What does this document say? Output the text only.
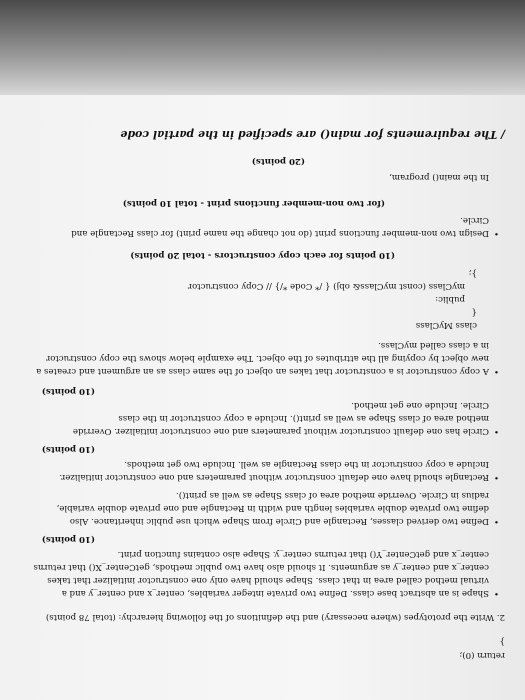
return (0);
}
2. Write the prototypes (where necessary) and the definitions of the following hierarchy: (total 78 points)
• Shape is an abstract base class. Define two private integer variables, center_x and center_y and a
virtual method called area in that class. Shape should have only one constructor initializer that takes
center_x and center_y as arguments. It should also have two public methods, getCenter_X() that returns
center_x and getCenter_Y() that returns center_y. Shape also contains function print.
(10 points)
• Define two derived classes, Rectangle and Circle from Shape which use public inheritance. Also
define two private double variables length and width in Rectangle and one private double variable,
radius in Circle. Override method area of class Shape as well as print().
• Rectangle should have one default constructor without parameters and one constructor initializer.
Include a copy constructor in the class Rectangle as well. Include two get methods.
(10 points)
• Circle has one default constructor without parameters and one constructor initializer. Override
method area of class Shape as well as print(). Include a copy constructor in the class
Circle. Include one get method.
(10 points)
• A copy constructor is a constructor that takes an object of the same class as an argument and creates a
new object by copying all the attributes of the object. The example below shows the copy constructor
in a class called myClass.
class MyClass
{
public:
myClass (const myClass& obj) { /* Code */} // Copy constructor
};
(10 points for each copy constructors - total 20 points)
• Design two non-member functions print (do not change the name print) for class Rectangle and
Circle.
(for two non-member functions print - total 10 points)
In the main() program,
(20 points)
/ The requirements for main() are specified in the partial code
